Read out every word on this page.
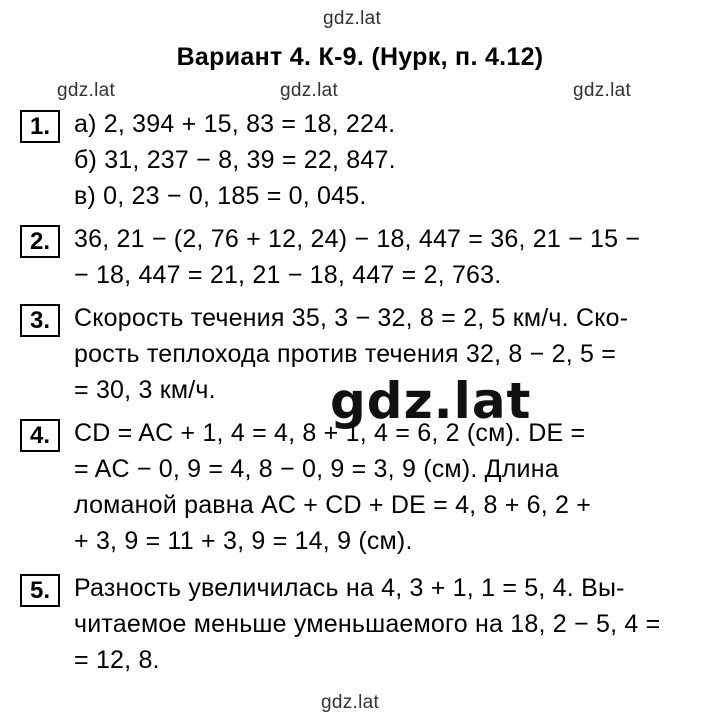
gdz.lat
gdz.lat	gdz.lat	gdz.lat
gdz.lat
gdz.lat
Вариант 4. К-9. (Нурк, п. 4.12)
1. а) 2, 394 + 15, 83 = 18, 224.
б) 31, 237 − 8, 39 = 22, 847.
в) 0, 23 − 0, 185 = 0, 045.
2. 36, 21 − (2, 76 + 12, 24) − 18, 447 = 36, 21 − 15 −
− 18, 447 = 21, 21 − 18, 447 = 2, 763.
3. Скорость течения 35, 3 − 32, 8 = 2, 5 км/ч. Ско-
рость теплохода против течения 32, 8 − 2, 5 =
= 30, 3 км/ч.
4. CD = AC + 1, 4 = 4, 8 + 1, 4 = 6, 2 (см). DE =
= AC − 0, 9 = 4, 8 − 0, 9 = 3, 9 (см). Длина
ломаной равна AC + CD + DE = 4, 8 + 6, 2 +
+ 3, 9 = 11 + 3, 9 = 14, 9 (см).
5. Разность увеличилась на 4, 3 + 1, 1 = 5, 4. Вы-
читаемое меньше уменьшаемого на 18, 2 − 5, 4 =
= 12, 8.
